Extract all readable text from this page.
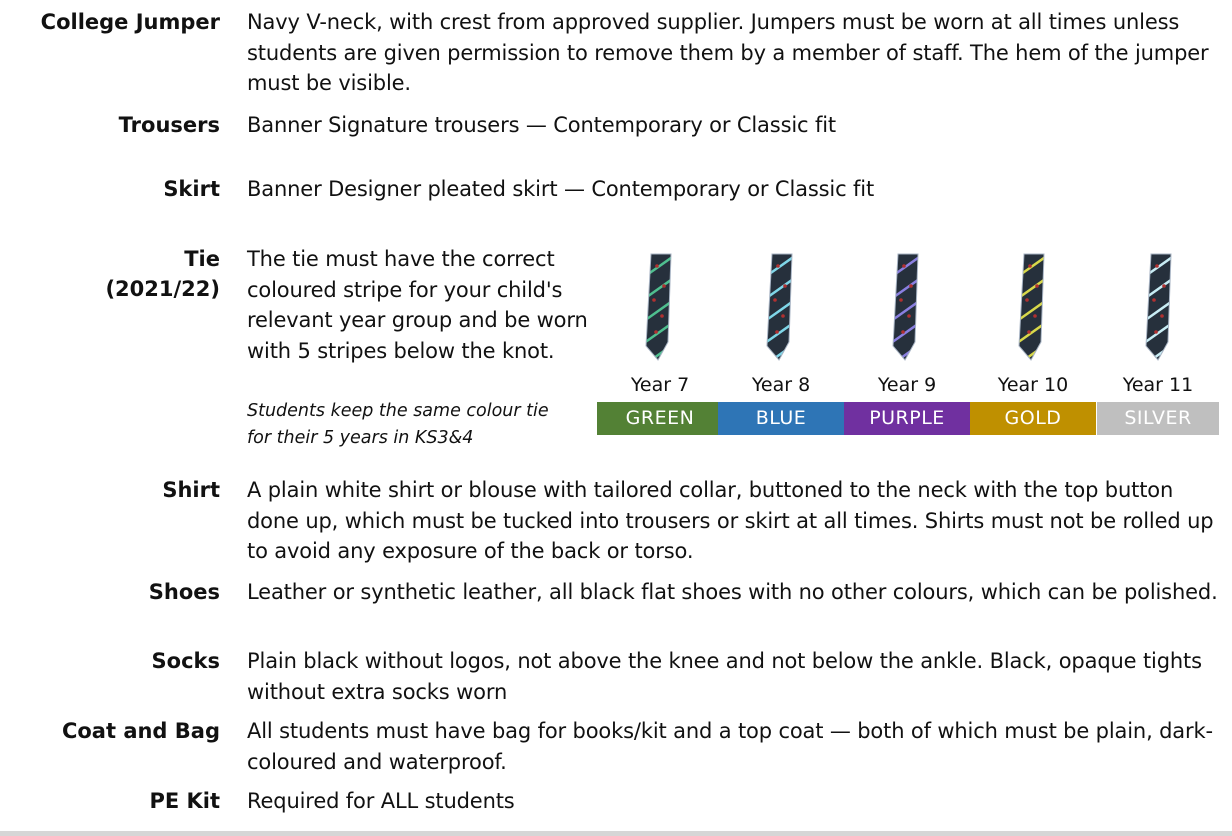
College Jumper Navy V-neck, with crest from approved supplier. Jumpers must be worn at all times unless students are given permission to remove them by a member of staff. The hem of the jumper must be visible.
Trousers Banner Signature trousers — Contemporary or Classic fit
Skirt Banner Designer pleated skirt — Contemporary or Classic fit
Tie
(2021/22)
The tie must have the correct coloured stripe for your child's relevant year group and be worn with 5 stripes below the knot.
Students keep the same colour tie for their 5 years in KS3&4
Year 7
GREEN
Year 8
BLUE
Year 9
PURPLE
Year 10
GOLD
Year 11
SILVER
Shirt A plain white shirt or blouse with tailored collar, buttoned to the neck with the top button done up, which must be tucked into trousers or skirt at all times. Shirts must not be rolled up to avoid any exposure of the back or torso.
Shoes Leather or synthetic leather, all black flat shoes with no other colours, which can be polished.
Socks Plain black without logos, not above the knee and not below the ankle. Black, opaque tights without extra socks worn
Coat and Bag All students must have bag for books/kit and a top coat — both of which must be plain, dark-coloured and waterproof.
PE Kit Required for ALL students
